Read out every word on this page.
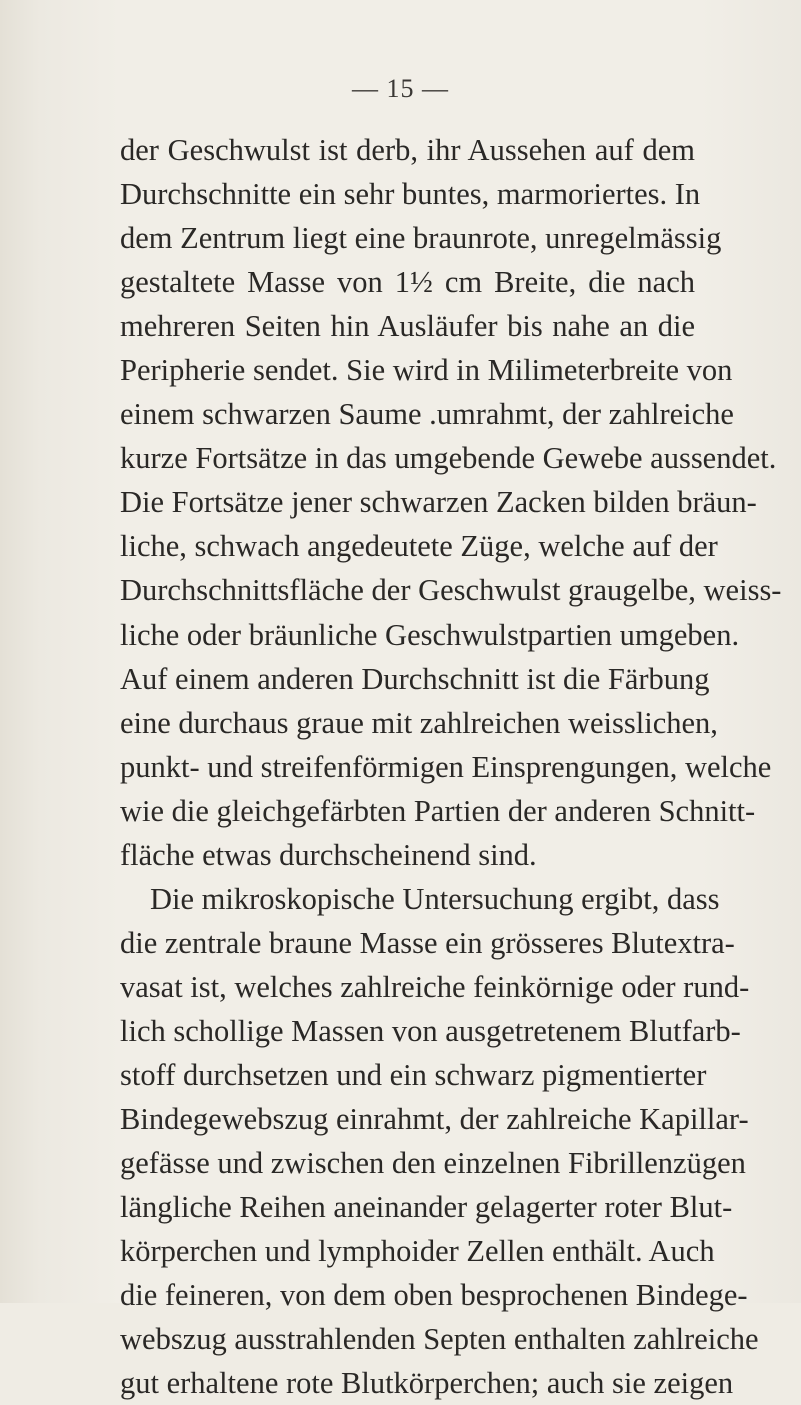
— 15 —
der Geschwulst ist derb, ihr Aussehen auf dem
Durchschnitte ein sehr buntes, marmoriertes. In
dem Zentrum liegt eine braunrote, unregelmässig
gestaltete Masse von 1½ cm Breite, die nach
mehreren Seiten hin Ausläufer bis nahe an die
Peripherie sendet. Sie wird in Milimeterbreite von
einem schwarzen Saume .umrahmt, der zahlreiche
kurze Fortsätze in das umgebende Gewebe aussendet.
Die Fortsätze jener schwarzen Zacken bilden bräun-
liche, schwach angedeutete Züge, welche auf der
Durchschnittsfläche der Geschwulst graugelbe, weiss-
liche oder bräunliche Geschwulstpartien umgeben.
Auf einem anderen Durchschnitt ist die Färbung
eine durchaus graue mit zahlreichen weisslichen,
punkt- und streifenförmigen Einsprengungen, welche
wie die gleichgefärbten Partien der anderen Schnitt-
fläche etwas durchscheinend sind.
Die mikroskopische Untersuchung ergibt, dass
die zentrale braune Masse ein grösseres Blutextra-
vasat ist, welches zahlreiche feinkörnige oder rund-
lich schollige Massen von ausgetretenem Blutfarb-
stoff durchsetzen und ein schwarz pigmentierter
Bindegewebszug einrahmt, der zahlreiche Kapillar-
gefässe und zwischen den einzelnen Fibrillenzügen
längliche Reihen aneinander gelagerter roter Blut-
körperchen und lymphoider Zellen enthält. Auch
die feineren, von dem oben besprochenen Bindege-
webszug ausstrahlenden Septen enthalten zahlreiche
gut erhaltene rote Blutkörperchen; auch sie zeigen
